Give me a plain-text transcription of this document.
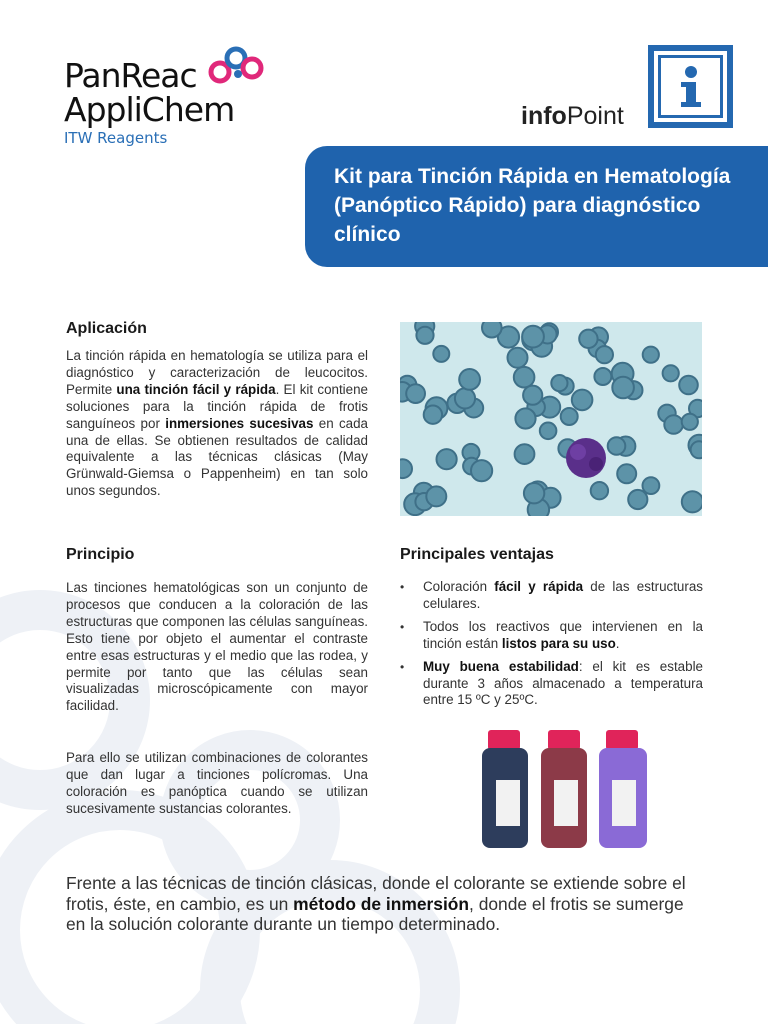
PanReac
AppliChem
ITW Reagents
infoPoint
Kit para Tinción Rápida en Hematología (Panóptico Rápido) para diagnóstico clínico
Aplicación
La tinción rápida en hematología se utiliza para el diagnóstico y caracterización de leucocitos. Permite una tinción fácil y rápida. El kit contiene soluciones para la tinción rápida de frotis sanguíneos por inmersiones sucesivas en cada una de ellas. Se obtienen resultados de calidad equivalente a las técnicas clásicas (May Grünwald-Giemsa o Pappenheim) en tan solo unos segundos.
Principio
Las tinciones hematológicas son un conjunto de procesos que conducen a la coloración de las estructuras que componen las células sanguíneas. Esto tiene por objeto el aumentar el contraste entre esas estructuras y el medio que las rodea, y permite por tanto que las células sean visualizadas microscópicamente con mayor facilidad.
Para ello se utilizan combinaciones de colorantes que dan lugar a tinciones polícromas. Una coloración es panóptica cuando se utilizan sucesivamente sustancias colorantes.
Principales ventajas
• Coloración fácil y rápida de las estructuras celulares.
• Todos los reactivos que intervienen en la tinción están listos para su uso.
• Muy buena estabilidad: el kit es estable durante 3 años almacenado a temperatura entre 15 ºC y 25ºC.
Frente a las técnicas de tinción clásicas, donde el colorante se extiende sobre el frotis, éste, en cambio, es un método de inmersión, donde el frotis se sumerge en la solución colorante durante un tiempo determinado.
